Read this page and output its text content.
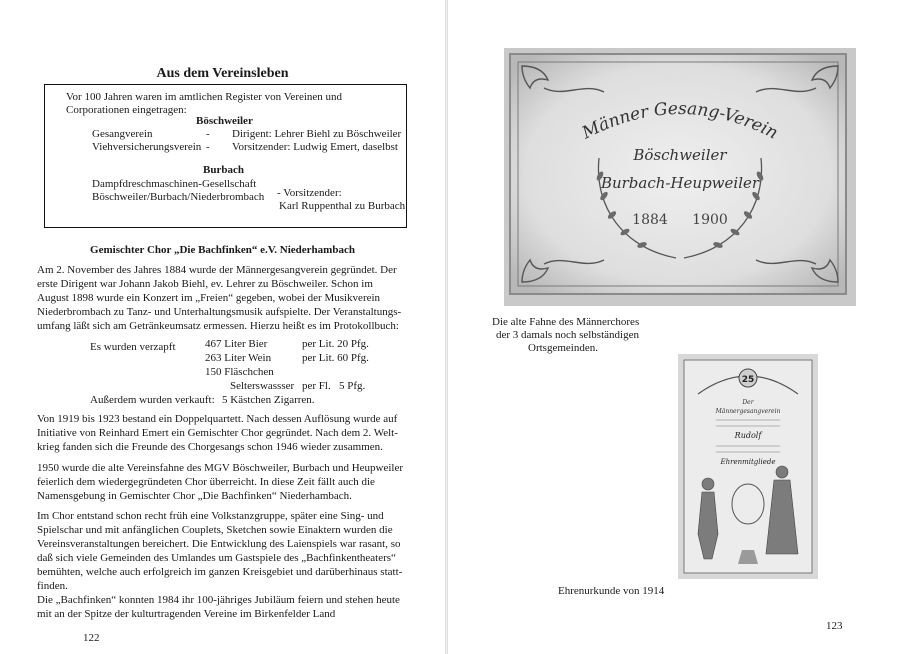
Aus dem Vereinsleben
Vor 100 Jahren waren im amtlichen Register von Vereinen und
Corporationen eingetragen:
Böschweiler
Gesangverein	- Dirigent: Lehrer Biehl zu Böschweiler
Viehversicherungsverein - Vorsitzender: Ludwig Emert, daselbst
Burbach
Dampfdreschmaschinen-Gesellschaft
Böschweiler/Burbach/Niederbrombach - Vorsitzender:
Karl Ruppenthal zu Burbach
Gemischter Chor „Die Bachfinken“ e.V. Niederhambach
Am 2. November des Jahres 1884 wurde der Männergesangverein gegründet. Der
erste Dirigent war Johann Jakob Biehl, ev. Lehrer zu Böschweiler. Schon im
August 1898 wurde ein Konzert im „Freien“ gegeben, wobei der Musikverein
Niederbrombach zu Tanz- und Unterhaltungsmusik aufspielte. Der Veranstaltungs-
umfang läßt sich am Getränkeumsatz ermessen. Hierzu heißt es im Protokollbuch:
Es wurden verzapft	467 Liter Bier	per Lit. 20 Pfg.
263 Liter Wein	per Lit. 60 Pfg.
150 Fläschchen
Selterswassser per Fl.   5 Pfg.
Außerdem wurden verkauft: 5 Kästchen Zigarren.
Von 1919 bis 1923 bestand ein Doppelquartett. Nach dessen Auflösung wurde auf
Initiative von Reinhard Emert ein Gemischter Chor gegründet. Nach dem 2. Welt-
krieg fanden sich die Freunde des Chorgesangs schon 1946 wieder zusammen.
1950 wurde die alte Vereinsfahne des MGV Böschweiler, Burbach und Heupweiler
feierlich dem wiedergegründeten Chor überreicht. In diese Zeit fällt auch die
Namensgebung in Gemischter Chor „Die Bachfinken“ Niederhambach.
Im Chor entstand schon recht früh eine Volkstanzgruppe, später eine Sing- und
Spielschar und mit anfänglichen Couplets, Sketchen sowie Einaktern wurden die
Vereinsveranstaltungen bereichert. Die Entwicklung des Laienspiels war rasant, so
daß sich viele Gemeinden des Umlandes um Gastspiele des „Bachfinkentheaters“
bemühten, welche auch erfolgreich im ganzen Kreisgebiet und darüberhinaus statt-
finden.
Die „Bachfinken“ konnten 1984 ihr 100-jähriges Jubiläum feiern und stehen heute
mit an der Spitze der kulturtragenden Vereine im Birkenfelder Land
122
Männer Gesang-Verein
Böschweiler
Burbach-Heupweiler
1884 1900
Die alte Fahne des Männerchores
der 3 damals noch selbständigen
Ortsgemeinden.
25
Der
Männergesangverein
Rudolf
Ehrenmitgliede
Ehrenurkunde von 1914
123
